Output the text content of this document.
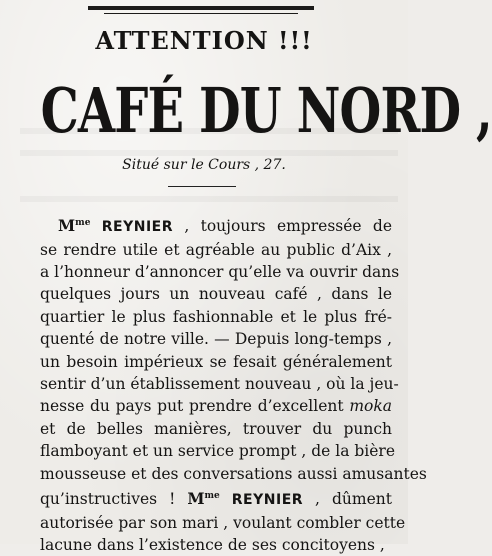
ATTENTION !!!
CAFÉ DU NORD ,
Situé sur le Cours , 27.
$M^{me}$ REYNIER , toujours empressée de
se rendre utile et agréable au public d’Aix ,
a l’honneur d’annoncer qu’elle va ouvrir dans
quelques jours un nouveau café , dans le
quartier le plus fashionnable et le plus fré-
quenté de notre ville. — Depuis long-temps ,
un besoin impérieux se fesait généralement
sentir d’un établissement nouveau , où la jeu-
nesse du pays put prendre d’excellent moka
et de belles manières, trouver du punch
flamboyant et un service prompt , de la bière
mousseuse et des conversations aussi amusantes
qu’instructives ! $M^{me}$ REYNIER , dûment
autorisée par son mari , voulant combler cette
lacune dans l’existence de ses concitoyens ,
